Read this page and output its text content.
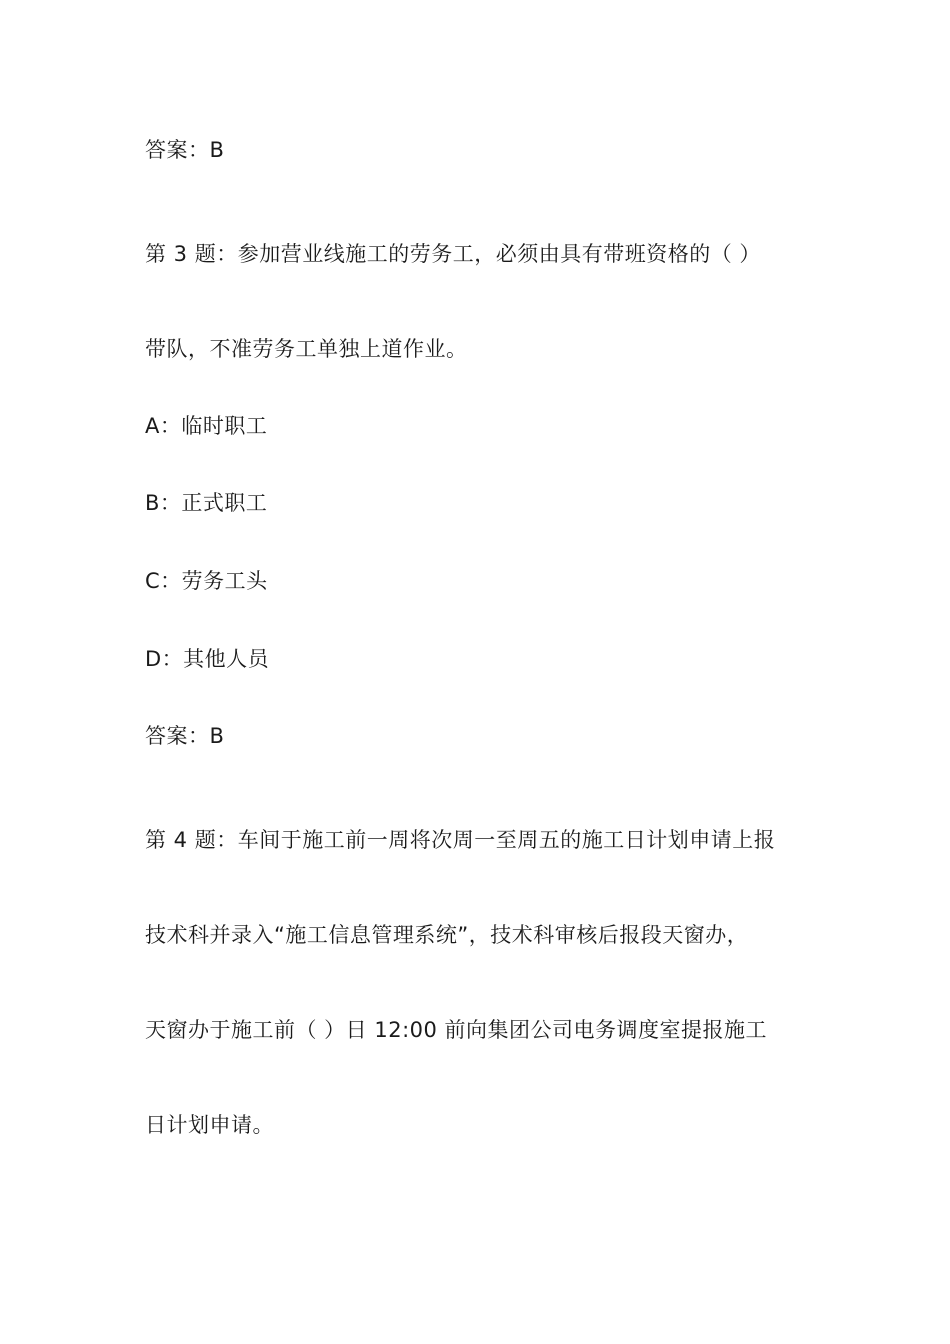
答案：B
第 3 题：参加营业线施工的劳务工，必须由具有带班资格的（ ）
带队，不准劳务工单独上道作业。
A：临时职工
B：正式职工
C：劳务工头
D：其他人员
答案：B
第 4 题：车间于施工前一周将次周一至周五的施工日计划申请上报
技术科并录入“施工信息管理系统”，技术科审核后报段天窗办，
天窗办于施工前（ ）日 12:00 前向集团公司电务调度室提报施工
日计划申请。
